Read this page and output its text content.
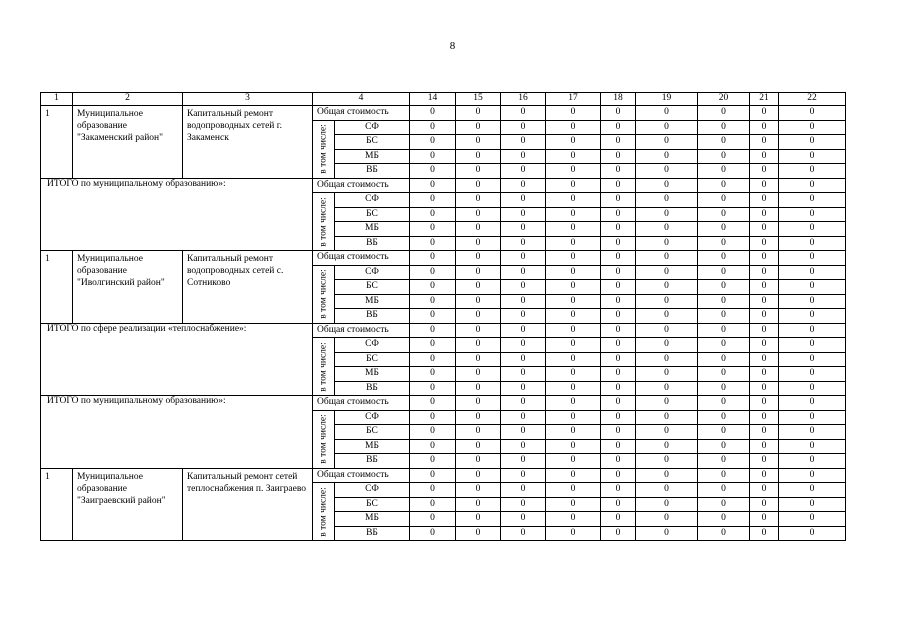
8
1	2	3	4		14	15	16	17	18	19	20	21	22
1	Муниципальное образование "Закаменский район"	Капитальный ремонт водопроводных сетей г. Закаменск	Общая стоимость		0	0	0	0	0	0	0	0	0

			в том числе:	СФ	0	0	0	0	0	0	0	0	0
				БС	0	0	0	0	0	0	0	0	0
				МБ	0	0	0	0	0	0	0	0	0
				ВБ	0	0	0	0	0	0	0	0	0
ИТОГО по муниципальному образованию»:			Общая стоимость		0	0	0	0	0	0	0	0	0

			в том числе:	СФ	0	0	0	0	0	0	0	0	0
				БС	0	0	0	0	0	0	0	0	0
				МБ	0	0	0	0	0	0	0	0	0
				ВБ	0	0	0	0	0	0	0	0	0
1	Муниципальное образование "Иволгинский район"	Капитальный ремонт водопроводных сетей с. Сотниково	Общая стоимость		0	0	0	0	0	0	0	0	0

			в том числе:	СФ	0	0	0	0	0	0	0	0	0
				БС	0	0	0	0	0	0	0	0	0
				МБ	0	0	0	0	0	0	0	0	0
				ВБ	0	0	0	0	0	0	0	0	0
ИТОГО по сфере реализации «теплоснабжение»:			Общая стоимость		0	0	0	0	0	0	0	0	0

			в том числе:	СФ	0	0	0	0	0	0	0	0	0
				БС	0	0	0	0	0	0	0	0	0
				МБ	0	0	0	0	0	0	0	0	0
				ВБ	0	0	0	0	0	0	0	0	0
ИТОГО по муниципальному образованию»:			Общая стоимость		0	0	0	0	0	0	0	0	0

			в том числе:	СФ	0	0	0	0	0	0	0	0	0
				БС	0	0	0	0	0	0	0	0	0
				МБ	0	0	0	0	0	0	0	0	0
				ВБ	0	0	0	0	0	0	0	0	0
1	Муниципальное образование "Заиграевский район"	Капитальный ремонт сетей теплоснабжения п. Заиграево	Общая стоимость		0	0	0	0	0	0	0	0	0

			в том числе:	СФ	0	0	0	0	0	0	0	0	0
				БС	0	0	0	0	0	0	0	0	0
				МБ	0	0	0	0	0	0	0	0	0
				ВБ	0	0	0	0	0	0	0	0	0
